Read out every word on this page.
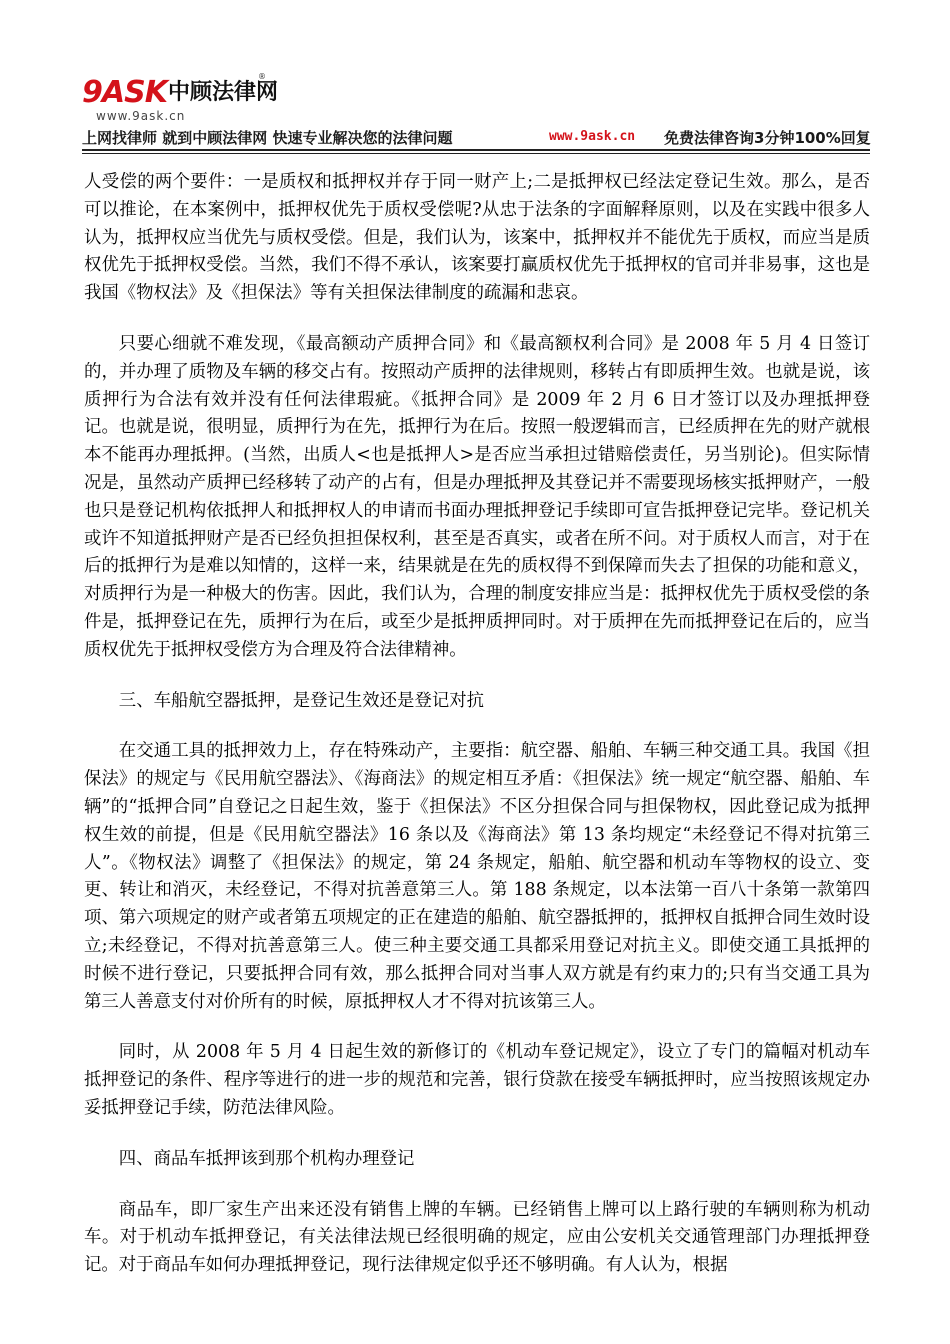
9ASK 中顾法律网
®
www.9ask.cn
上网找律师 就到中顾法律网 快速专业解决您的法律问题	www.9ask.cn 免费法律咨询3分钟100%回复

人受偿的两个要件：一是质权和抵押权并存于同一财产上;二是抵押权已经法定登记生效。那么，是否可以推论，在本案例中，抵押权优先于质权受偿呢?从忠于法条的字面解释原则，以及在实践中很多人认为，抵押权应当优先与质权受偿。但是，我们认为，该案中，抵押权并不能优先于质权，而应当是质权优先于抵押权受偿。当然，我们不得不承认，该案要打赢质权优先于抵押权的官司并非易事，这也是我国《物权法》及《担保法》等有关担保法律制度的疏漏和悲哀。

只要心细就不难发现，《最高额动产质押合同》和《最高额权利合同》是 2008 年 5 月 4 日签订的，并办理了质物及车辆的移交占有。按照动产质押的法律规则，移转占有即质押生效。也就是说，该质押行为合法有效并没有任何法律瑕疵。《抵押合同》是 2009 年 2 月 6 日才签订以及办理抵押登记。也就是说，很明显，质押行为在先，抵押行为在后。按照一般逻辑而言，已经质押在先的财产就根本不能再办理抵押。(当然，出质人<也是抵押人>是否应当承担过错赔偿责任，另当别论)。但实际情况是，虽然动产质押已经移转了动产的占有，但是办理抵押及其登记并不需要现场核实抵押财产，一般也只是登记机构依抵押人和抵押权人的申请而书面办理抵押登记手续即可宣告抵押登记完毕。登记机关或许不知道抵押财产是否已经负担担保权利，甚至是否真实，或者在所不问。对于质权人而言，对于在后的抵押行为是难以知情的，这样一来，结果就是在先的质权得不到保障而失去了担保的功能和意义，对质押行为是一种极大的伤害。因此，我们认为，合理的制度安排应当是：抵押权优先于质权受偿的条件是，抵押登记在先，质押行为在后，或至少是抵押质押同时。对于质押在先而抵押登记在后的，应当质权优先于抵押权受偿方为合理及符合法律精神。

三、车船航空器抵押，是登记生效还是登记对抗

在交通工具的抵押效力上，存在特殊动产，主要指：航空器、船舶、车辆三种交通工具。我国《担保法》的规定与《民用航空器法》、《海商法》的规定相互矛盾：《担保法》统一规定“航空器、船舶、车辆”的“抵押合同”自登记之日起生效，鉴于《担保法》不区分担保合同与担保物权，因此登记成为抵押权生效的前提，但是《民用航空器法》16 条以及《海商法》第 13 条均规定“未经登记不得对抗第三人”。《物权法》调整了《担保法》的规定，第 24 条规定，船舶、航空器和机动车等物权的设立、变更、转让和消灭，未经登记，不得对抗善意第三人。第 188 条规定，以本法第一百八十条第一款第四项、第六项规定的财产或者第五项规定的正在建造的船舶、航空器抵押的，抵押权自抵押合同生效时设立;未经登记，不得对抗善意第三人。使三种主要交通工具都采用登记对抗主义。即使交通工具抵押的时候不进行登记，只要抵押合同有效，那么抵押合同对当事人双方就是有约束力的;只有当交通工具为第三人善意支付对价所有的时候，原抵押权人才不得对抗该第三人。

同时，从 2008 年 5 月 4 日起生效的新修订的《机动车登记规定》，设立了专门的篇幅对机动车抵押登记的条件、程序等进行的进一步的规范和完善，银行贷款在接受车辆抵押时，应当按照该规定办妥抵押登记手续，防范法律风险。

四、商品车抵押该到那个机构办理登记

商品车，即厂家生产出来还没有销售上牌的车辆。已经销售上牌可以上路行驶的车辆则称为机动车。对于机动车抵押登记，有关法律法规已经很明确的规定，应由公安机关交通管理部门办理抵押登记。对于商品车如何办理抵押登记，现行法律规定似乎还不够明确。有人认为，根据
